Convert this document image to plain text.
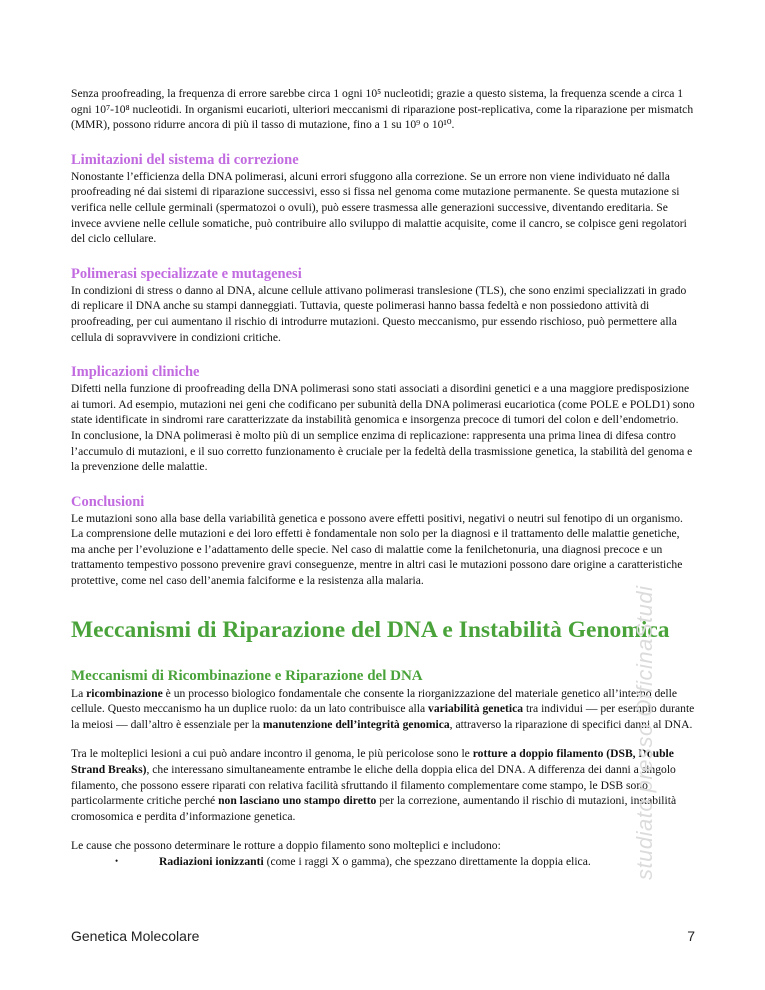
Senza proofreading, la frequenza di errore sarebbe circa 1 ogni 10⁵ nucleotidi; grazie a questo sistema, la frequenza scende a circa 1 ogni 10⁷-10⁸ nucleotidi. In organismi eucarioti, ulteriori meccanismi di riparazione post-replicativa, come la riparazione per mismatch (MMR), possono ridurre ancora di più il tasso di mutazione, fino a 1 su 10⁹ o 10¹⁰.

Limitazioni del sistema di correzione

Nonostante l’efficienza della DNA polimerasi, alcuni errori sfuggono alla correzione. Se un errore non viene individuato né dalla proofreading né dai sistemi di riparazione successivi, esso si fissa nel genoma come mutazione permanente. Se questa mutazione si verifica nelle cellule germinali (spermatozoi o ovuli), può essere trasmessa alle generazioni successive, diventando ereditaria. Se invece avviene nelle cellule somatiche, può contribuire allo sviluppo di malattie acquisite, come il cancro, se colpisce geni regolatori del ciclo cellulare.

Polimerasi specializzate e mutagenesi

In condizioni di stress o danno al DNA, alcune cellule attivano polimerasi translesione (TLS), che sono enzimi specializzati in grado di replicare il DNA anche su stampi danneggiati. Tuttavia, queste polimerasi hanno bassa fedeltà e non possiedono attività di proofreading, per cui aumentano il rischio di introdurre mutazioni. Questo meccanismo, pur essendo rischioso, può permettere alla cellula di sopravvivere in condizioni critiche.

Implicazioni cliniche

Difetti nella funzione di proofreading della DNA polimerasi sono stati associati a disordini genetici e a una maggiore predisposizione ai tumori. Ad esempio, mutazioni nei geni che codificano per subunità della DNA polimerasi eucariotica (come POLE e POLD1) sono state identificate in sindromi rare caratterizzate da instabilità genomica e insorgenza precoce di tumori del colon e dell’endometrio.

In conclusione, la DNA polimerasi è molto più di un semplice enzima di replicazione: rappresenta una prima linea di difesa contro l’accumulo di mutazioni, e il suo corretto funzionamento è cruciale per la fedeltà della trasmissione genetica, la stabilità del genoma e la prevenzione delle malattie.

Conclusioni

Le mutazioni sono alla base della variabilità genetica e possono avere effetti positivi, negativi o neutri sul fenotipo di un organismo. La comprensione delle mutazioni e dei loro effetti è fondamentale non solo per la diagnosi e il trattamento delle malattie genetiche, ma anche per l’evoluzione e l’adattamento delle specie. Nel caso di malattie come la fenilchetonuria, una diagnosi precoce e un trattamento tempestivo possono prevenire gravi conseguenze, mentre in altri casi le mutazioni possono dare origine a caratteristiche protettive, come nel caso dell’anemia falciforme e la resistenza alla malaria.

Meccanismi di Riparazione del DNA e Instabilità Genomica
Meccanismi di Ricombinazione e Riparazione del DNA

La ricombinazione è un processo biologico fondamentale che consente la riorganizzazione del materiale genetico all’interno delle cellule. Questo meccanismo ha un duplice ruolo: da un lato contribuisce alla variabilità genetica tra individui — per esempio durante la meiosi — dall’altro è essenziale per la manutenzione dell’integrità genomica, attraverso la riparazione di specifici danni al DNA.

Tra le molteplici lesioni a cui può andare incontro il genoma, le più pericolose sono le rotture a doppio filamento (DSB, Double Strand Breaks), che interessano simultaneamente entrambe le eliche della doppia elica del DNA. A differenza dei danni a singolo filamento, che possono essere riparati con relativa facilità sfruttando il filamento complementare come stampo, le DSB sono particolarmente critiche perché non lasciano uno stampo diretto per la correzione, aumentando il rischio di mutazioni, instabilità cromosomica e perdita d’informazione genetica.

Le cause che possono determinare le rotture a doppio filamento sono molteplici e includono:

•	Radiazioni ionizzanti (come i raggi X o gamma), che spezzano direttamente la doppia elica. studiato presso OfficinaStudi
Genetica Molecolare	7
